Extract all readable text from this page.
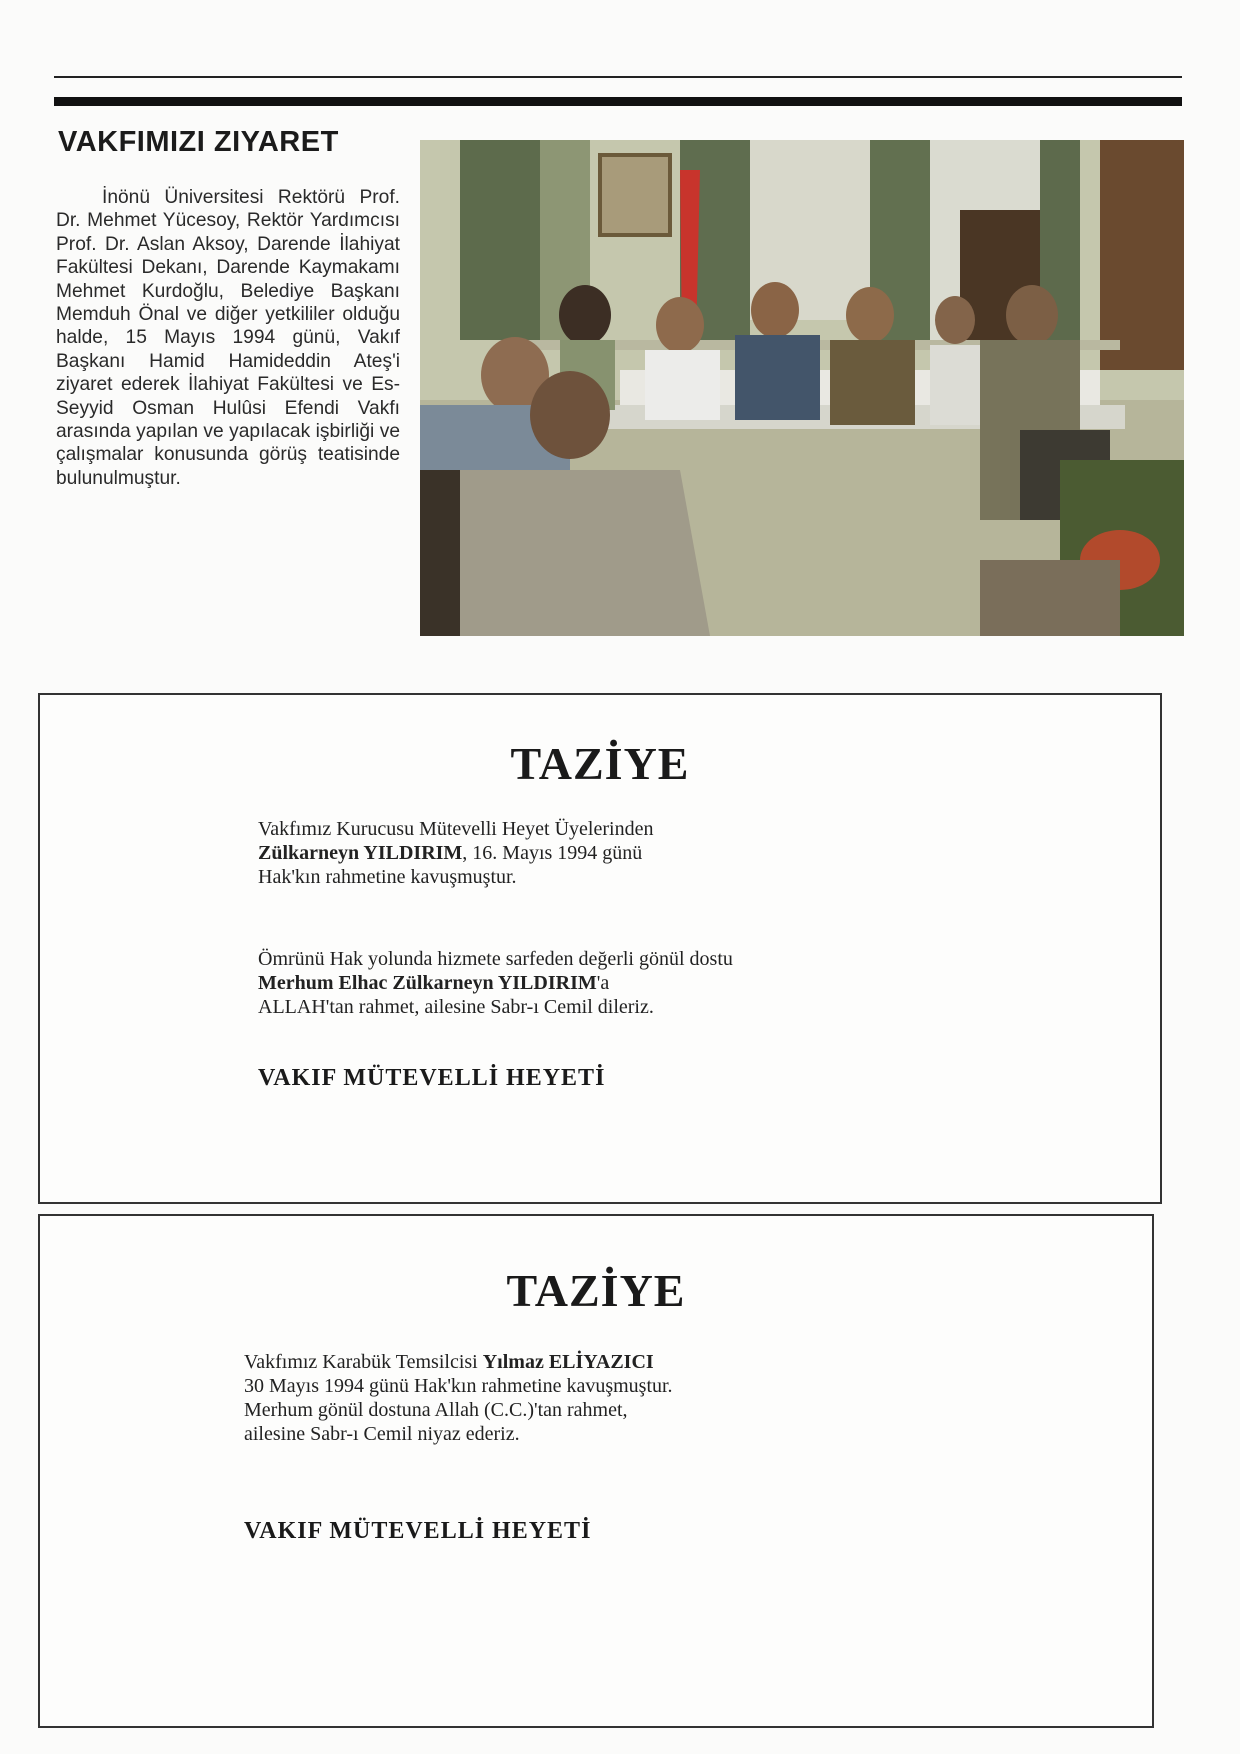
VAKFIMIZI ZIYARET
İnönü Üniversitesi Rektörü Prof. Dr. Mehmet Yücesoy, Rektör Yardımcısı Prof. Dr. Aslan Aksoy, Darende İlahiyat Fakültesi Dekanı, Darende Kaymakamı Mehmet Kurdoğlu, Belediye Başkanı Memduh Önal ve diğer yetkililer olduğu halde, 15 Mayıs 1994 günü, Vakıf Başkanı Hamid Hamideddin Ateş'i ziyaret ederek İlahiyat Fakültesi ve Es-Seyyid Osman Hulûsi Efendi Vakfı arasında yapılan ve yapılacak işbirliği ve çalışmalar konusunda görüş teatisinde bulunulmuştur.
TAZİYE

Vakfımız Kurucusu Mütevelli Heyet Üyelerinden

Zülkarneyn YILDIRIM, 16. Mayıs 1994 günü

Hak'kın rahmetine kavuşmuştur.

Ömrünü Hak yolunda hizmete sarfeden değerli gönül dostu

Merhum Elhac Zülkarneyn YILDIRIM'a

ALLAH'tan rahmet, ailesine Sabr-ı Cemil dileriz.

VAKIF MÜTEVELLİ HEYETİ
TAZİYE

Vakfımız Karabük Temsilcisi Yılmaz ELİYAZICI

30 Mayıs 1994 günü Hak'kın rahmetine kavuşmuştur.

Merhum gönül dostuna Allah (C.C.)'tan rahmet,

ailesine Sabr-ı Cemil niyaz ederiz.

VAKIF MÜTEVELLİ HEYETİ
